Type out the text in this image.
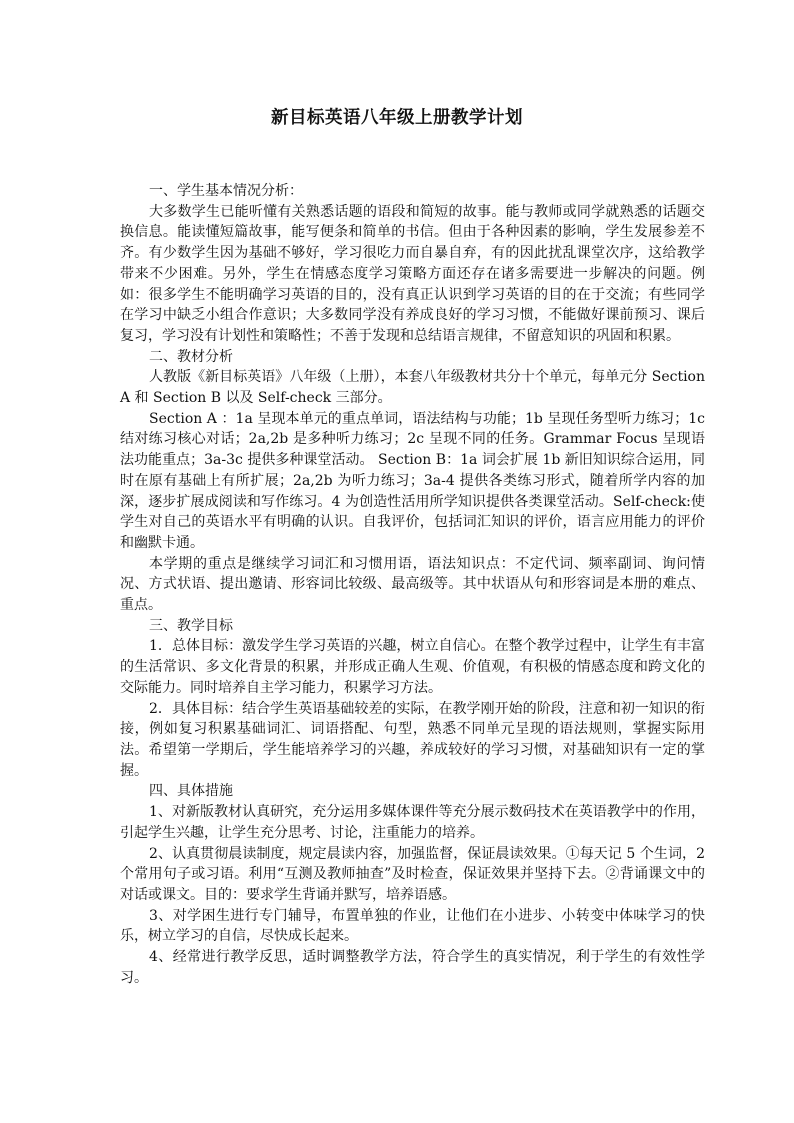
新目标英语八年级上册教学计划

一、学生基本情况分析：

大多数学生已能听懂有关熟悉话题的语段和简短的故事。能与教师或同学就熟悉的话题交换信息。能读懂短篇故事，能写便条和简单的书信。但由于各种因素的影响，学生发展参差不齐。有少数学生因为基础不够好，学习很吃力而自暴自弃，有的因此扰乱课堂次序，这给教学带来不少困难。另外，学生在情感态度学习策略方面还存在诸多需要进一步解决的问题。例如：很多学生不能明确学习英语的目的，没有真正认识到学习英语的目的在于交流；有些同学在学习中缺乏小组合作意识；大多数同学没有养成良好的学习习惯，不能做好课前预习、课后复习，学习没有计划性和策略性；不善于发现和总结语言规律，不留意知识的巩固和积累。

二、教材分析

人教版《新目标英语》八年级（上册），本套八年级教材共分十个单元，每单元分 Section A 和 Section B 以及 Self-check 三部分。

Section A ：1a 呈现本单元的重点单词，语法结构与功能；1b 呈现任务型听力练习；1c 结对练习核心对话；2a,2b 是多种听力练习；2c 呈现不同的任务。Grammar Focus 呈现语法功能重点；3a-3c 提供多种课堂活动。 Section B：1a 词会扩展 1b 新旧知识综合运用，同时在原有基础上有所扩展；2a,2b 为听力练习；3a-4 提供各类练习形式，随着所学内容的加深，逐步扩展成阅读和写作练习。4 为创造性活用所学知识提供各类课堂活动。Self-check:使学生对自己的英语水平有明确的认识。自我评价，包括词汇知识的评价，语言应用能力的评价和幽默卡通。

本学期的重点是继续学习词汇和习惯用语，语法知识点：不定代词、频率副词、询问情况、方式状语、提出邀请、形容词比较级、最高级等。其中状语从句和形容词是本册的难点、重点。

三、教学目标

1．总体目标：激发学生学习英语的兴趣，树立自信心。在整个教学过程中，让学生有丰富的生活常识、多文化背景的积累，并形成正确人生观、价值观，有积极的情感态度和跨文化的交际能力。同时培养自主学习能力，积累学习方法。

2．具体目标：结合学生英语基础较差的实际，在教学刚开始的阶段，注意和初一知识的衔接，例如复习积累基础词汇、词语搭配、句型，熟悉不同单元呈现的语法规则，掌握实际用法。希望第一学期后，学生能培养学习的兴趣，养成较好的学习习惯，对基础知识有一定的掌握。

四、具体措施

1、对新版教材认真研究，充分运用多媒体课件等充分展示数码技术在英语教学中的作用，引起学生兴趣，让学生充分思考、讨论，注重能力的培养。

2、认真贯彻晨读制度，规定晨读内容，加强监督，保证晨读效果。①每天记 5 个生词，2 个常用句子或习语。利用“互测及教师抽查”及时检查，保证效果并坚持下去。②背诵课文中的对话或课文。目的：要求学生背诵并默写，培养语感。

3、对学困生进行专门辅导，布置单独的作业，让他们在小进步、小转变中体味学习的快乐，树立学习的自信，尽快成长起来。

4、经常进行教学反思，适时调整教学方法，符合学生的真实情况，利于学生的有效性学习。
